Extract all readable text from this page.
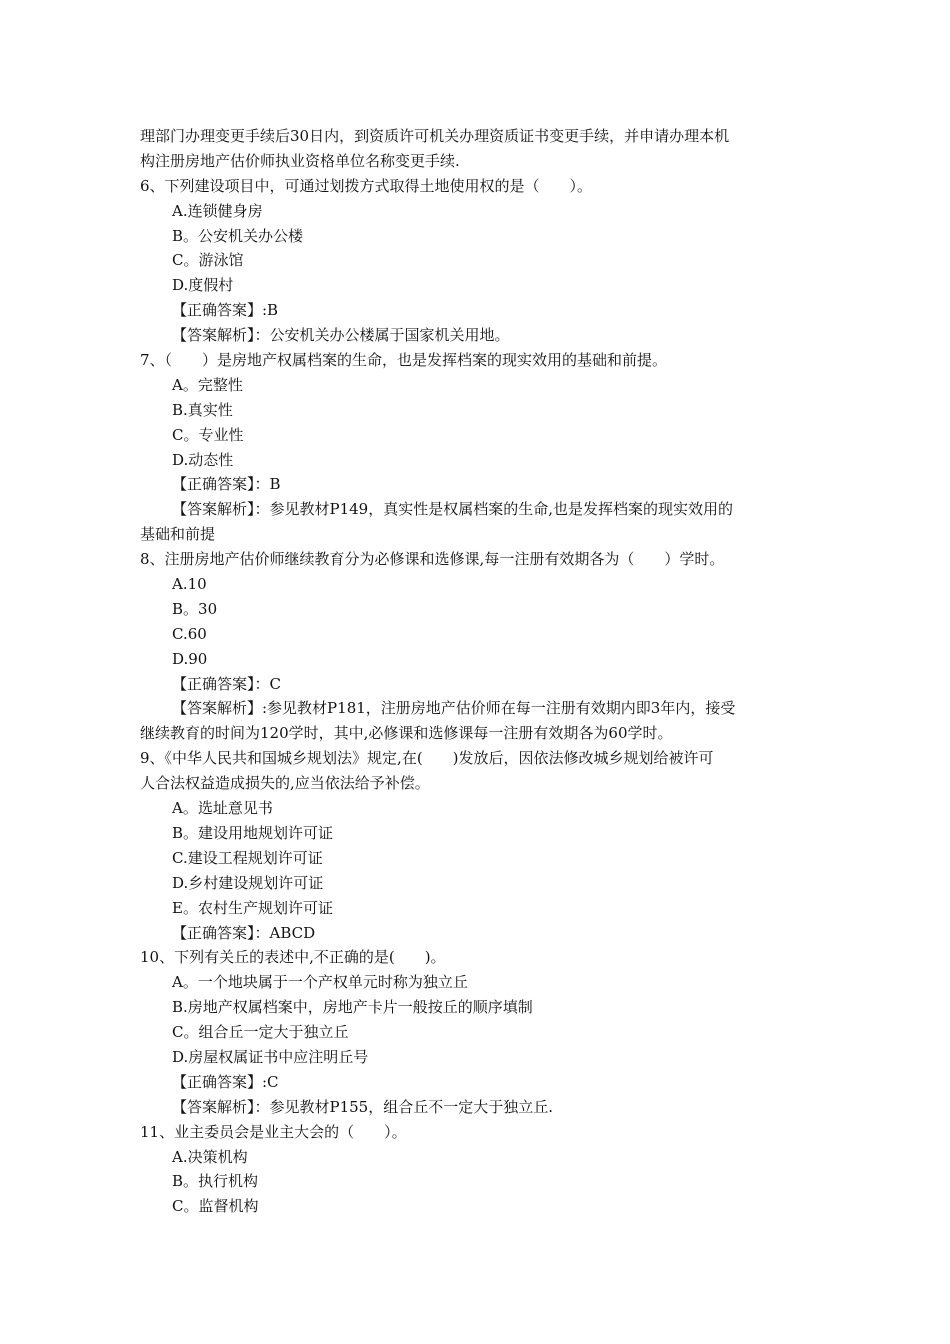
理部门办理变更手续后30日内，到资质许可机关办理资质证书变更手续，并申请办理本机
构注册房地产估价师执业资格单位名称变更手续.
6、下列建设项目中，可通过划拨方式取得土地使用权的是（　　）。
A.连锁健身房
B。公安机关办公楼
C。游泳馆
D.度假村
【正确答案】:B
【答案解析】：公安机关办公楼属于国家机关用地。
7、（　　）是房地产权属档案的生命，也是发挥档案的现实效用的基础和前提。
A。完整性
B.真实性
C。专业性
D.动态性
【正确答案】：B
【答案解析】：参见教材P149，真实性是权属档案的生命,也是发挥档案的现实效用的
基础和前提
8、注册房地产估价师继续教育分为必修课和选修课,每一注册有效期各为（　　）学时。
A.10
B。30
C.60
D.90
【正确答案】：C
【答案解析】:参见教材P181，注册房地产估价师在每一注册有效期内即3年内，接受
继续教育的时间为120学时，其中,必修课和选修课每一注册有效期各为60学时。
9、《中华人民共和国城乡规划法》规定,在(　　)发放后，因依法修改城乡规划给被许可
人合法权益造成损失的,应当依法给予补偿。
A。选址意见书
B。建设用地规划许可证
C.建设工程规划许可证
D.乡村建设规划许可证
E。农村生产规划许可证
【正确答案】：ABCD
10、下列有关丘的表述中,不正确的是(　　)。
A。一个地块属于一个产权单元时称为独立丘
B.房地产权属档案中，房地产卡片一般按丘的顺序填制
C。组合丘一定大于独立丘
D.房屋权属证书中应注明丘号
【正确答案】:C
【答案解析】：参见教材P155，组合丘不一定大于独立丘.
11、业主委员会是业主大会的（　　）。
A.决策机构
B。执行机构
C。监督机构
